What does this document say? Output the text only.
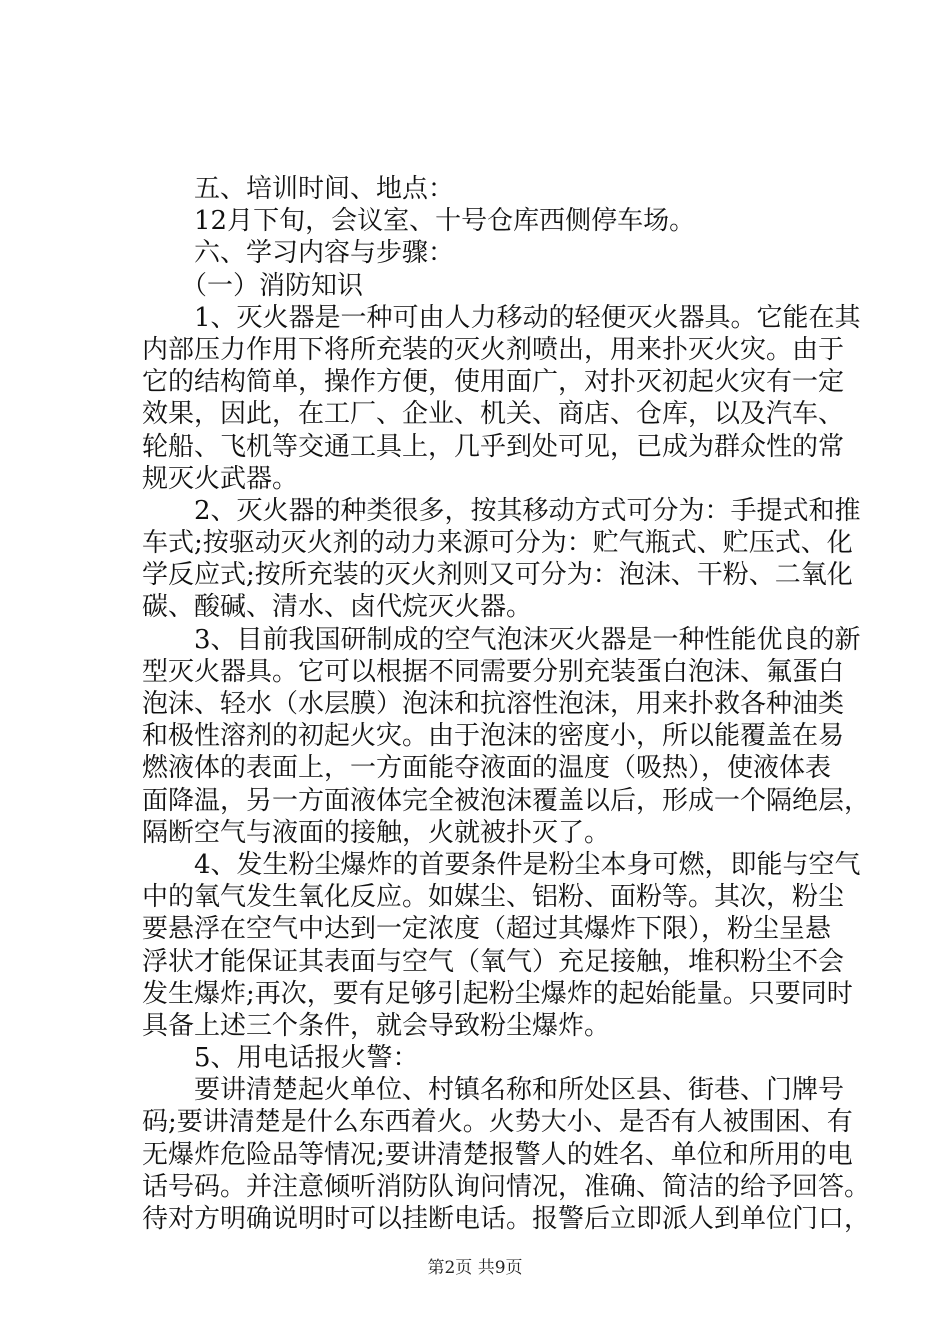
　　五、培训时间、地点：
　　12月下旬，会议室、十号仓库西侧停车场。
　　六、学习内容与步骤：
　　（一）消防知识
　　1、灭火器是一种可由人力移动的轻便灭火器具。它能在其
内部压力作用下将所充装的灭火剂喷出，用来扑灭火灾。由于
它的结构简单，操作方便，使用面广，对扑灭初起火灾有一定
效果，因此，在工厂、企业、机关、商店、仓库，以及汽车、
轮船、飞机等交通工具上，几乎到处可见，已成为群众性的常
规灭火武器。
　　2、灭火器的种类很多，按其移动方式可分为：手提式和推
车式;按驱动灭火剂的动力来源可分为：贮气瓶式、贮压式、化
学反应式;按所充装的灭火剂则又可分为：泡沫、干粉、二氧化
碳、酸碱、清水、卤代烷灭火器。
　　3、目前我国研制成的空气泡沫灭火器是一种性能优良的新
型灭火器具。它可以根据不同需要分别充装蛋白泡沫、氟蛋白
泡沫、轻水（水层膜）泡沫和抗溶性泡沫，用来扑救各种油类
和极性溶剂的初起火灾。由于泡沫的密度小，所以能覆盖在易
燃液体的表面上，一方面能夺液面的温度（吸热），使液体表
面降温，另一方面液体完全被泡沫覆盖以后，形成一个隔绝层，
隔断空气与液面的接触，火就被扑灭了。
　　4、发生粉尘爆炸的首要条件是粉尘本身可燃，即能与空气
中的氧气发生氧化反应。如媒尘、铝粉、面粉等。其次，粉尘
要悬浮在空气中达到一定浓度（超过其爆炸下限），粉尘呈悬
浮状才能保证其表面与空气（氧气）充足接触，堆积粉尘不会
发生爆炸;再次，要有足够引起粉尘爆炸的起始能量。只要同时
具备上述三个条件，就会导致粉尘爆炸。
　　5、用电话报火警：
　　要讲清楚起火单位、村镇名称和所处区县、街巷、门牌号
码;要讲清楚是什么东西着火。火势大小、是否有人被围困、有
无爆炸危险品等情况;要讲清楚报警人的姓名、单位和所用的电
话号码。并注意倾听消防队询问情况，准确、简洁的给予回答。
待对方明确说明时可以挂断电话。报警后立即派人到单位门口，
第2页 共9页
